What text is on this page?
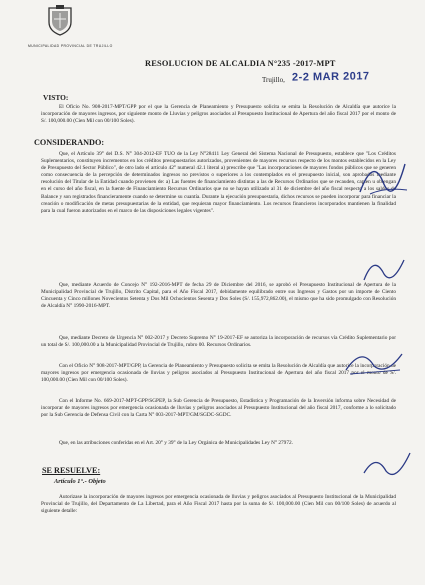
MUNICIPALIDAD PROVINCIAL DE TRUJILLO
RESOLUCION DE ALCALDIA N°235 -2017-MPT
Trujillo, 2-2 MAR 2017
VISTO:
El Oficio No. 908-2017-MPT/GPP por el que la Gerencia de Planeamiento y Presupuesto solicita se emita la Resolución de Alcaldía que autorice la incorporación de mayores ingresos, por siguiente monto de Lluvias y peligros asociados al Presupuesto Institucional de Apertura del año fiscal 2017 por el monto de S/. 100,000.00 (Cien Mil con 00/100 Soles).
CONSIDERANDO:
Que, el Artículo 39° del D.S. N° 304-2012-EF TUO de la Ley N°28411 Ley General del Sistema Nacional de Presupuesto, establece que "Los Créditos Suplementarios, constituyen incrementos en los créditos presupuestarios autorizados, provenientes de mayores recursos respecto de los montos establecidos en la Ley de Presupuesto del Sector Público", de otro lado el artículo 42° numeral 42.1 literal a) prescribe que "Las incorporaciones de mayores fondos públicos que se generen como consecuencia de la percepción de determinados ingresos no previstos o superiores a los contemplados en el presupuesto inicial, son aprobados mediante resolución del Titular de la Entidad cuando provienen de: a) Las fuentes de financiamiento distintas a las de Recursos Ordinarios que se recauden, capten u obtengan en el curso del año fiscal, en la fuente de Financiamiento Recursos Ordinarios que no se hayan utilizado al 31 de diciembre del año fiscal respecto a los saldos de Balance y son registrados financieramente cuando se determine su cuantía. Durante la ejecución presupuestaria, dichos recursos se pueden incorporar para financiar la creación o modificación de metas presupuestarias de la entidad, que requieran mayor financiamiento. Los recursos financieros incorporados mantienen la finalidad para la cual fueron autorizados en el marco de las disposiciones legales vigentes".
Que, mediante Acuerdo de Concejo N° 192-2016-MPT de fecha 29 de Diciembre del 2016, se aprobó el Presupuesto Institucional de Apertura de la Municipalidad Provincial de Trujillo, Distrito Capital, para el Año Fiscal 2017, debidamente equilibrado entre sus Ingresos y Gastos por un importe de Ciento Cincuenta y Cinco millones Novecientos Setenta y Dos Mil Ochocientos Sesenta y Dos Soles (S/. 155,972,862.00), el mismo que ha sido promulgado con Resolución de Alcaldía N° 1990-2016-MPT.
Que, mediante Decreto de Urgencia N° 002-2017 y Decreto Supremo N° 19-2017-EF se autoriza la incorporación de recursos vía Crédito Suplementario por un total de S/. 100,000.00 a la Municipalidad Provincial de Trujillo, rubro 00. Recursos Ordinarios.
Con el Oficio N° 908-2017-MPT/GPP, la Gerencia de Planeamiento y Presupuesto solicita se emita la Resolución de Alcaldía que autorice la incorporación de mayores ingresos por emergencia ocasionada de lluvias y peligros asociados al Presupuesto Institucional de Apertura del año fiscal 2017 por el monto de S/. 100,000.00 (Cien Mil con 00/100 Soles).
Con el Informe No. 669-2017-MPT-GPP/SGPEP, la Sub Gerencia de Presupuesto, Estadística y Programación de la Inversión informa sobre Necesidad de incorporar de mayores ingresos por emergencia ocasionada de lluvias y peligros asociados al Presupuesto Institucional del año fiscal 2017, conforme a lo solicitado por la Sub Gerencia de Defensa Civil con la Carta N° 003-2017-MPT/GM/SGDC-SGDC.
Que, en las atribuciones conferidas en el Art. 20° y 39° de la Ley Orgánica de Municipalidades Ley N° 27972.
SE RESUELVE:
Artículo 1°.- Objeto
Autorizase la incorporación de mayores ingresos por emergencia ocasionada de lluvias y peligros asociados al Presupuesto Institucional de la Municipalidad Provincial de Trujillo, del Departamento de La Libertad, para el Año Fiscal 2017 hasta por la suma de S/. 100,000.00 (Cien Mil con 00/100 Soles) de acuerdo al siguiente detalle:
